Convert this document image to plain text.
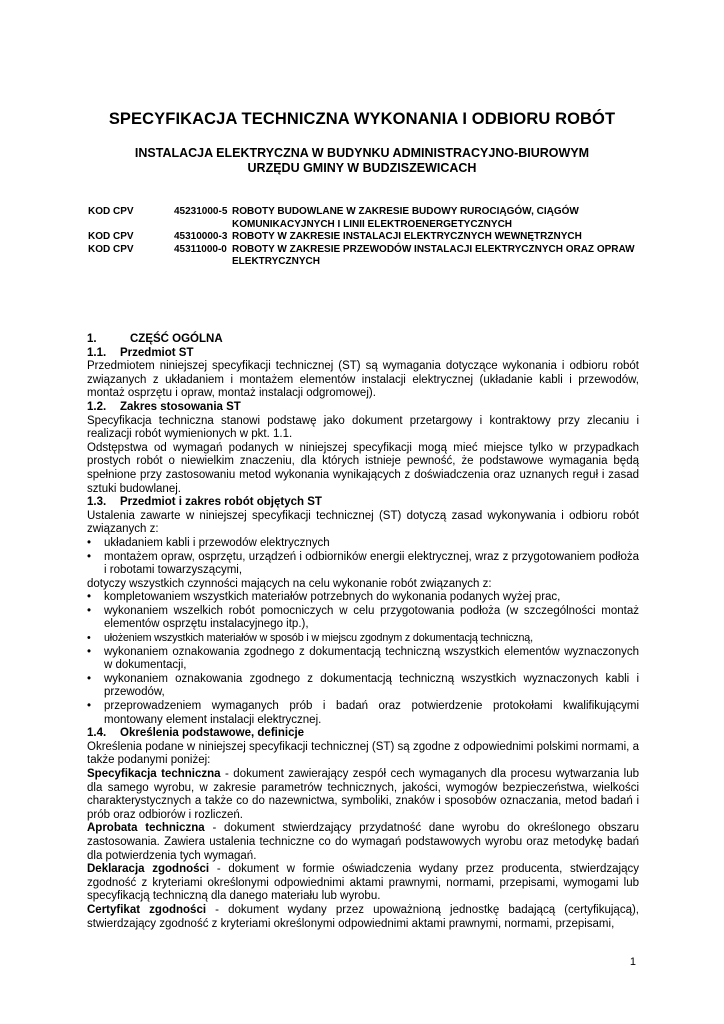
SPECYFIKACJA TECHNICZNA WYKONANIA I ODBIORU ROBÓT
INSTALACJA ELEKTRYCZNA W BUDYNKU ADMINISTRACYJNO-BIUROWYM
URZĘDU GMINY W BUDZISZEWICACH
KOD CPV	45231000-5 ROBOTY BUDOWLANE W ZAKRESIE BUDOWY RUROCIĄGÓW, CIĄGÓW KOMUNIKACYJNYCH I LINII ELEKTROENERGETYCZNYCH
KOD CPV	45310000-3 ROBOTY W ZAKRESIE INSTALACJI ELEKTRYCZNYCH WEWNĘTRZNYCH
KOD CPV	45311000-0 ROBOTY W ZAKRESIE PRZEWODÓW INSTALACJI ELEKTRYCZNYCH ORAZ OPRAW ELEKTRYCZNYCH

1.	CZĘŚĆ OGÓLNA

1.1. Przedmiot ST

Przedmiotem niniejszej specyfikacji technicznej (ST) są wymagania dotyczące wykonania i odbioru robót związanych z układaniem i montażem elementów instalacji elektrycznej (układanie kabli i przewodów, montaż osprzętu i opraw, montaż instalacji odgromowej).

1.2. Zakres stosowania ST

Specyfikacja techniczna stanowi podstawę jako dokument przetargowy i kontraktowy przy zlecaniu i realizacji robót wymienionych w pkt. 1.1.

Odstępstwa od wymagań podanych w niniejszej specyfikacji mogą mieć miejsce tylko w przypadkach prostych robót o niewielkim znaczeniu, dla których istnieje pewność, że podstawowe wymagania będą spełnione przy zastosowaniu metod wykonania wynikających z doświadczenia oraz uznanych reguł i zasad sztuki budowlanej.

1.3. Przedmiot i zakres robót objętych ST

Ustalenia zawarte w niniejszej specyfikacji technicznej (ST) dotyczą zasad wykonywania i odbioru robót związanych z:

• układaniem kabli i przewodów elektrycznych
• montażem opraw, osprzętu, urządzeń i odbiorników energii elektrycznej, wraz z przygotowaniem podłoża i robotami towarzyszącymi,

dotyczy wszystkich czynności mających na celu wykonanie robót związanych z:

• kompletowaniem wszystkich materiałów potrzebnych do wykonania podanych wyżej prac,
• wykonaniem wszelkich robót pomocniczych w celu przygotowania podłoża (w szczególności montaż elementów osprzętu instalacyjnego itp.),
• ułożeniem wszystkich materiałów w sposób i w miejscu zgodnym z dokumentacją techniczną,
• wykonaniem oznakowania zgodnego z dokumentacją techniczną wszystkich elementów wyznaczonych w dokumentacji,
• wykonaniem oznakowania zgodnego z dokumentacją techniczną wszystkich wyznaczonych kabli i przewodów,
• przeprowadzeniem wymaganych prób i badań oraz potwierdzenie protokołami kwalifikującymi montowany element instalacji elektrycznej.

1.4. Określenia podstawowe, definicje

Określenia podane w niniejszej specyfikacji technicznej (ST) są zgodne z odpowiednimi polskimi normami, a także podanymi poniżej:

Specyfikacja techniczna - dokument zawierający zespół cech wymaganych dla procesu wytwarzania lub dla samego wyrobu, w zakresie parametrów technicznych, jakości, wymogów bezpieczeństwa, wielkości charakterystycznych a także co do nazewnictwa, symboliki, znaków i sposobów oznaczania, metod badań i prób oraz odbiorów i rozliczeń.

Aprobata techniczna - dokument stwierdzający przydatność dane wyrobu do określonego obszaru zastosowania. Zawiera ustalenia techniczne co do wymagań podstawowych wyrobu oraz metodykę badań dla potwierdzenia tych wymagań.

Deklaracja zgodności - dokument w formie oświadczenia wydany przez producenta, stwierdzający zgodność z kryteriami określonymi odpowiednimi aktami prawnymi, normami, przepisami, wymogami lub specyfikacją techniczną dla danego materiału lub wyrobu.

Certyfikat zgodności - dokument wydany przez upoważnioną jednostkę badającą (certyfikującą), stwierdzający zgodność z kryteriami określonymi odpowiednimi aktami prawnymi, normami, przepisami,

1
